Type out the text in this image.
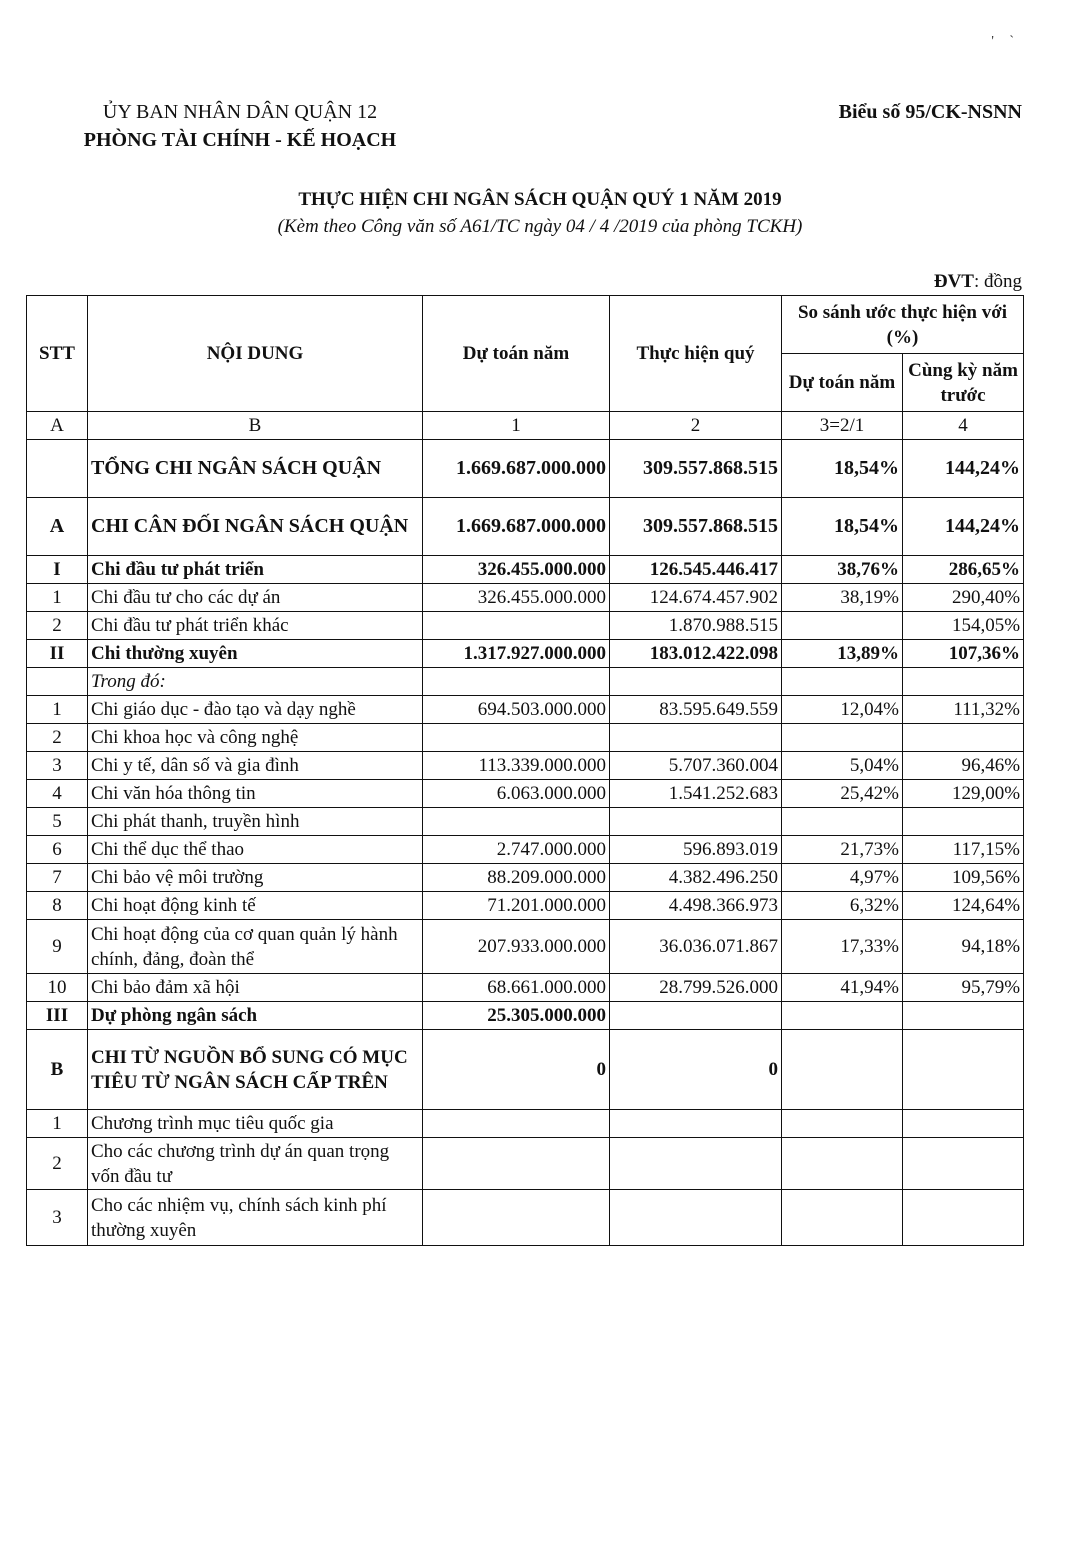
' ˋ
ỦY BAN NHÂN DÂN QUẬN 12
PHÒNG TÀI CHÍNH - KẾ HOẠCH
Biểu số 95/CK-NSNN
THỰC HIỆN CHI NGÂN SÁCH QUẬN QUÝ 1 NĂM 2019
(Kèm theo Công văn số A61/TC ngày 04 / 4 /2019 của phòng TCKH)
ĐVT: đồng
STT	NỘI DUNG	Dự toán năm	Thực hiện quý	So sánh ước thực hiện với (%)	
				Dự toán năm	Cùng kỳ năm trước
A	B	1	2	3=2/1	4
	TỔNG CHI NGÂN SÁCH QUẬN	1.669.687.000.000	309.557.868.515	18,54%	144,24%
A	CHI CÂN ĐỐI NGÂN SÁCH QUẬN	1.669.687.000.000	309.557.868.515	18,54%	144,24%
I	Chi đầu tư phát triển	326.455.000.000	126.545.446.417	38,76%	286,65%
1	Chi đầu tư cho các dự án	326.455.000.000	124.674.457.902	38,19%	290,40%
2	Chi đầu tư phát triển khác		1.870.988.515		154,05%
II	Chi thường xuyên	1.317.927.000.000	183.012.422.098	13,89%	107,36%
	Trong đó:				
1	Chi giáo dục - đào tạo và dạy nghề	694.503.000.000	83.595.649.559	12,04%	111,32%
2	Chi khoa học và công nghệ				
3	Chi y tế, dân số và gia đình	113.339.000.000	5.707.360.004	5,04%	96,46%
4	Chi văn hóa thông tin	6.063.000.000	1.541.252.683	25,42%	129,00%
5	Chi phát thanh, truyền hình				
6	Chi thể dục thể thao	2.747.000.000	596.893.019	21,73%	117,15%
7	Chi bảo vệ môi trường	88.209.000.000	4.382.496.250	4,97%	109,56%
8	Chi hoạt động kinh tế	71.201.000.000	4.498.366.973	6,32%	124,64%
9	Chi hoạt động của cơ quan quản lý hành chính, đảng, đoàn thể	207.933.000.000	36.036.071.867	17,33%	94,18%
10	Chi bảo đảm xã hội	68.661.000.000	28.799.526.000	41,94%	95,79%
III	Dự phòng ngân sách	25.305.000.000			
B	CHI TỪ NGUỒN BỔ SUNG CÓ MỤC TIÊU TỪ NGÂN SÁCH CẤP TRÊN	0	0		
1	Chương trình mục tiêu quốc gia				
2	Cho các chương trình dự án quan trọng vốn đầu tư				
3	Cho các nhiệm vụ, chính sách kinh phí thường xuyên				
